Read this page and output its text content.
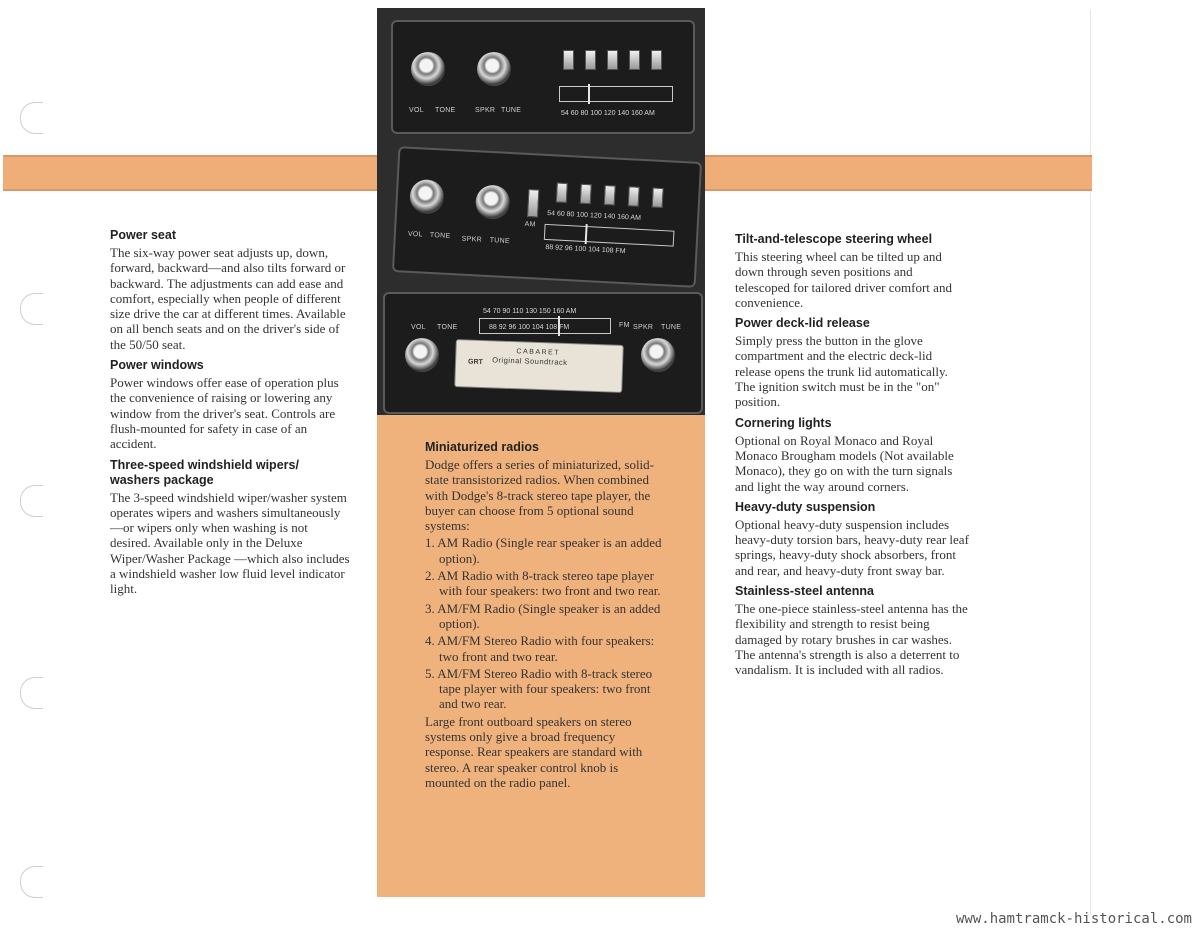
VOL TONE	SPKR TUNE	54 60 80 100 120 140 160 AM
VOL TONE SPKR TUNE
AM
54 60 80 100 120 140 160 AM
88 92 96 100 104 108 FM
VOL TONE	SPKR TUNE
54 70 90 110 130 150 160 AM
88 92 96 100 104 108 FM	FM
CABARET
Original Soundtrack
GRT
Power seat

The six-way power seat adjusts up, down, forward, backward—and also tilts forward or backward. The adjustments can add ease and comfort, especially when people of different size drive the car at different times. Available on all bench seats and on the driver's side of the 50/50 seat.

Power windows

Power windows offer ease of operation plus the convenience of raising or lowering any window from the driver's seat. Controls are flush-mounted for safety in case of an accident.

Three-speed windshield wipers/ washers package

The 3-speed windshield wiper/washer system operates wipers and washers simultaneously—or wipers only when washing is not desired. Available only in the Deluxe Wiper/Washer Package —which also includes a windshield washer low fluid level indicator light.

Miniaturized radios

Dodge offers a series of miniaturized, solid-state transistorized radios. When combined with Dodge's 8-track stereo tape player, the buyer can choose from 5 optional sound systems:

1. AM Radio (Single rear speaker is an added option).
2. AM Radio with 8-track stereo tape player with four speakers: two front and two rear.
3. AM/FM Radio (Single speaker is an added option).
4. AM/FM Stereo Radio with four speakers: two front and two rear.
5. AM/FM Stereo Radio with 8-track stereo tape player with four speakers: two front and two rear.

Large front outboard speakers on stereo systems only give a broad frequency response. Rear speakers are standard with stereo. A rear speaker control knob is mounted on the radio panel.

Tilt-and-telescope steering wheel

This steering wheel can be tilted up and down through seven positions and telescoped for tailored driver comfort and convenience.

Power deck-lid release

Simply press the button in the glove compartment and the electric deck-lid release opens the trunk lid automatically. The ignition switch must be in the "on" position.

Cornering lights

Optional on Royal Monaco and Royal Monaco Brougham models (Not available Monaco), they go on with the turn signals and light the way around corners.

Heavy-duty suspension

Optional heavy-duty suspension includes heavy-duty torsion bars, heavy-duty rear leaf springs, heavy-duty shock absorbers, front and rear, and heavy-duty front sway bar.

Stainless-steel antenna

The one-piece stainless-steel antenna has the flexibility and strength to resist being damaged by rotary brushes in car washes. The antenna's strength is also a deterrent to vandalism. It is included with all radios.

www.hamtramck-historical.com
